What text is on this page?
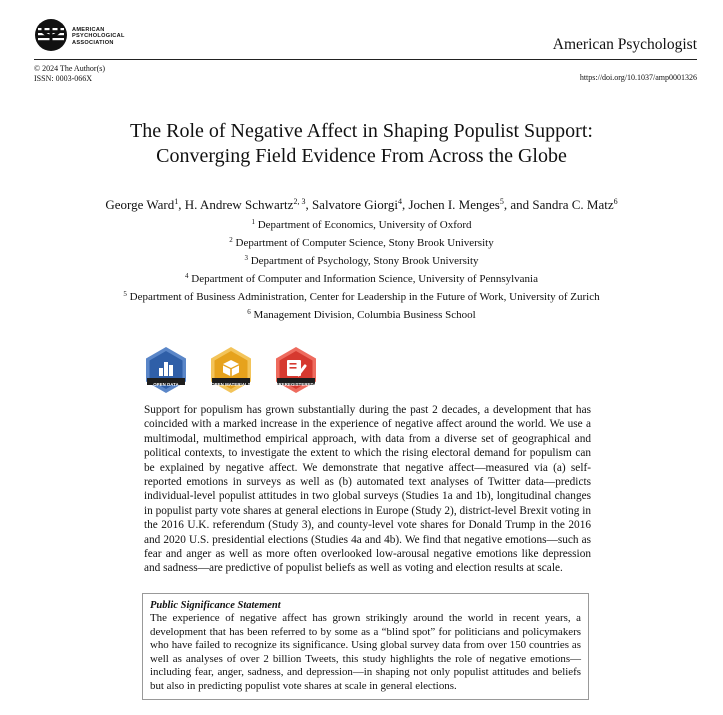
AMERICAN
PSYCHOLOGICAL
ASSOCIATION	American Psychologist
© 2024 The Author(s)
ISSN: 0003-066X	https://doi.org/10.1037/amp0001326
The Role of Negative Affect in Shaping Populist Support:
Converging Field Evidence From Across the Globe
George Ward$^1$, H. Andrew Schwartz$^{2, 3}$, Salvatore Giorgi$^4$, Jochen I. Menges$^5$, and Sandra C. Matz$^6$
$^1$ Department of Economics, University of Oxford
$^2$ Department of Computer Science, Stony Brook University
$^3$ Department of Psychology, Stony Brook University
$^4$ Department of Computer and Information Science, University of Pennsylvania
$^5$ Department of Business Administration, Center for Leadership in the Future of Work, University of Zurich
$^6$ Management Division, Columbia Business School
OPEN DATA	OPEN MATERIALS	PREREGISTERED+
Support for populism has grown substantially during the past 2 decades, a development that has coincided with a marked increase in the experience of negative affect around the world. We use a multimodal, multimethod empirical approach, with data from a diverse set of geographical and political contexts, to investigate the extent to which the rising electoral demand for populism can be explained by negative affect. We demonstrate that negative affect—measured via (a) self-reported emotions in surveys as well as (b) automated text analyses of Twitter data—predicts individual-level populist attitudes in two global surveys (Studies 1a and 1b), longitudinal changes in populist party vote shares at general elections in Europe (Study 2), district-level Brexit voting in the 2016 U.K. referendum (Study 3), and county-level vote shares for Donald Trump in the 2016 and 2020 U.S. presidential elections (Studies 4a and 4b). We find that negative emotions—such as fear and anger as well as more often overlooked low-arousal negative emotions like depression and sadness—are predictive of populist beliefs as well as voting and election results at scale.
Public Significance Statement
The experience of negative affect has grown strikingly around the world in recent years, a development that has been referred to by some as a “blind spot” for politicians and policymakers who have failed to recognize its significance. Using global survey data from over 150 countries as well as analyses of over 2 billion Tweets, this study highlights the role of negative emotions—including fear, anger, sadness, and depression—in shaping not only populist attitudes and beliefs but also in predicting populist vote shares at scale in general elections.
